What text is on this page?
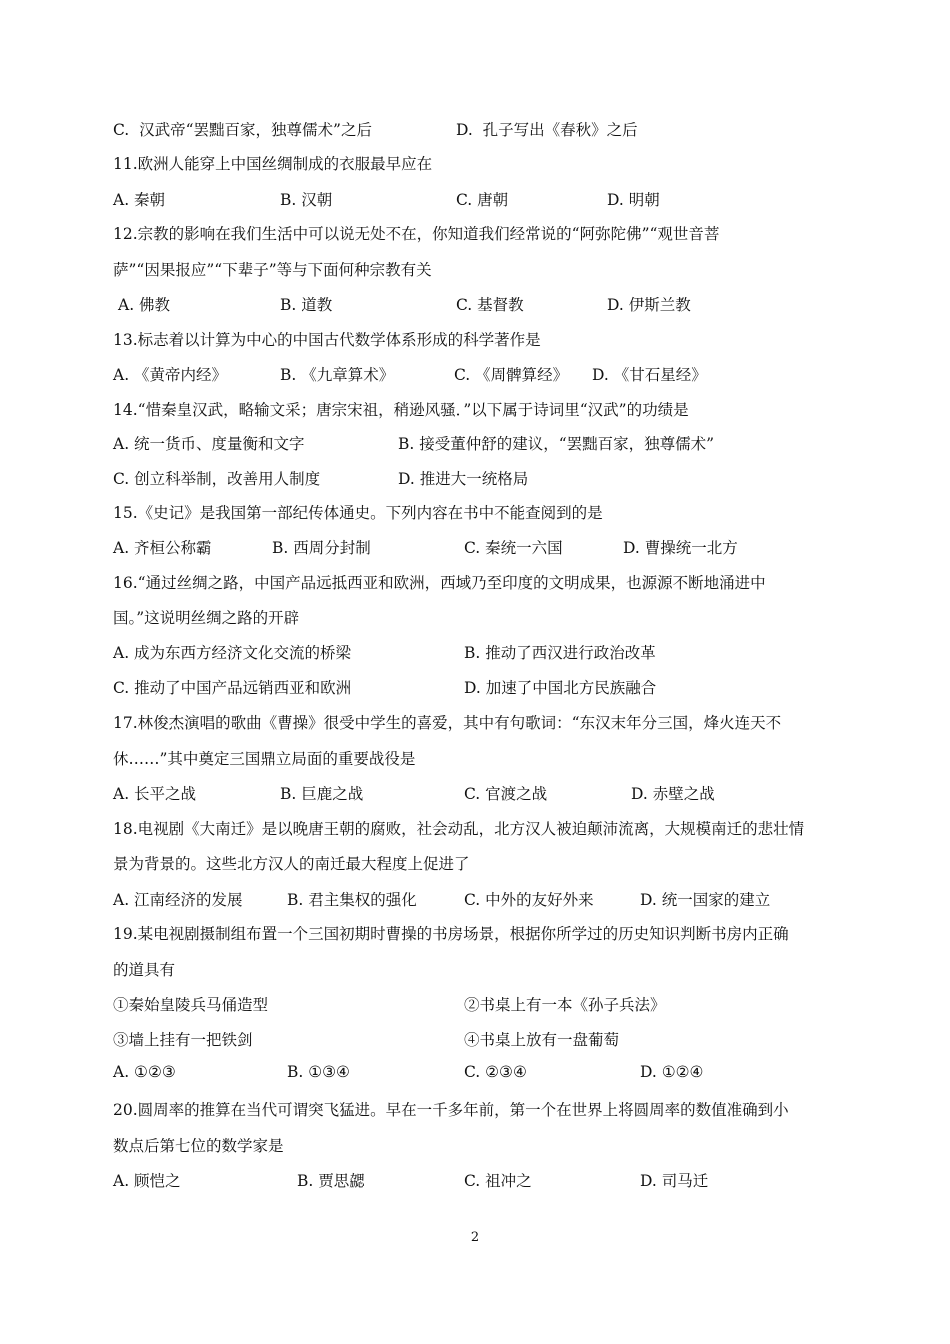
C. 汉武帝“罢黜百家，独尊儒术”之后	D. 孔子写出《春秋》之后
11.欧洲人能穿上中国丝绸制成的衣服最早应在
A. 秦朝	B. 汉朝	C. 唐朝	D. 明朝
12.宗教的影响在我们生活中可以说无处不在，你知道我们经常说的“阿弥陀佛”“观世音菩
萨”“因果报应”“下辈子”等与下面何种宗教有关
A. 佛教	B. 道教	C. 基督教	D. 伊斯兰教
13.标志着以计算为中心的中国古代数学体系形成的科学著作是
A. 《黄帝内经》	B. 《九章算术》	C. 《周髀算经》 D. 《甘石星经》
14.“惜秦皇汉武，略输文采；唐宗宋祖，稍逊风骚．”以下属于诗词里“汉武”的功绩是
A. 统一货币、度量衡和文字	B. 接受董仲舒的建议，“罢黜百家，独尊儒术”
C. 创立科举制，改善用人制度	D. 推进大一统格局
15.《史记》是我国第一部纪传体通史。下列内容在书中不能查阅到的是
A. 齐桓公称霸	B. 西周分封制	C. 秦统一六国	D. 曹操统一北方
16.“通过丝绸之路，中国产品远抵西亚和欧洲，西域乃至印度的文明成果，也源源不断地涌进中
国。”这说明丝绸之路的开辟
A. 成为东西方经济文化交流的桥梁	B. 推动了西汉进行政治改革
C. 推动了中国产品远销西亚和欧洲	D. 加速了中国北方民族融合
17.林俊杰演唱的歌曲《曹操》很受中学生的喜爱，其中有句歌词：“东汉末年分三国，烽火连天不
休……”其中奠定三国鼎立局面的重要战役是
A. 长平之战	B. 巨鹿之战	C. 官渡之战	D. 赤壁之战
18.电视剧《大南迁》是以晚唐王朝的腐败，社会动乱，北方汉人被迫颠沛流离，大规模南迁的悲壮情
景为背景的。这些北方汉人的南迁最大程度上促进了
A. 江南经济的发展	B. 君主集权的强化	C. 中外的友好外来	D. 统一国家的建立
19.某电视剧摄制组布置一个三国初期时曹操的书房场景，根据你所学过的历史知识判断书房内正确
的道具有
①秦始皇陵兵马俑造型	②书桌上有一本《孙子兵法》
③墙上挂有一把铁剑	④书桌上放有一盘葡萄
A. ①②③	B. ①③④	C. ②③④	D. ①②④
20.圆周率的推算在当代可谓突飞猛进。早在一千多年前，第一个在世界上将圆周率的数值准确到小
数点后第七位的数学家是
A. 顾恺之	B. 贾思勰	C. 祖冲之	D. 司马迁
2
